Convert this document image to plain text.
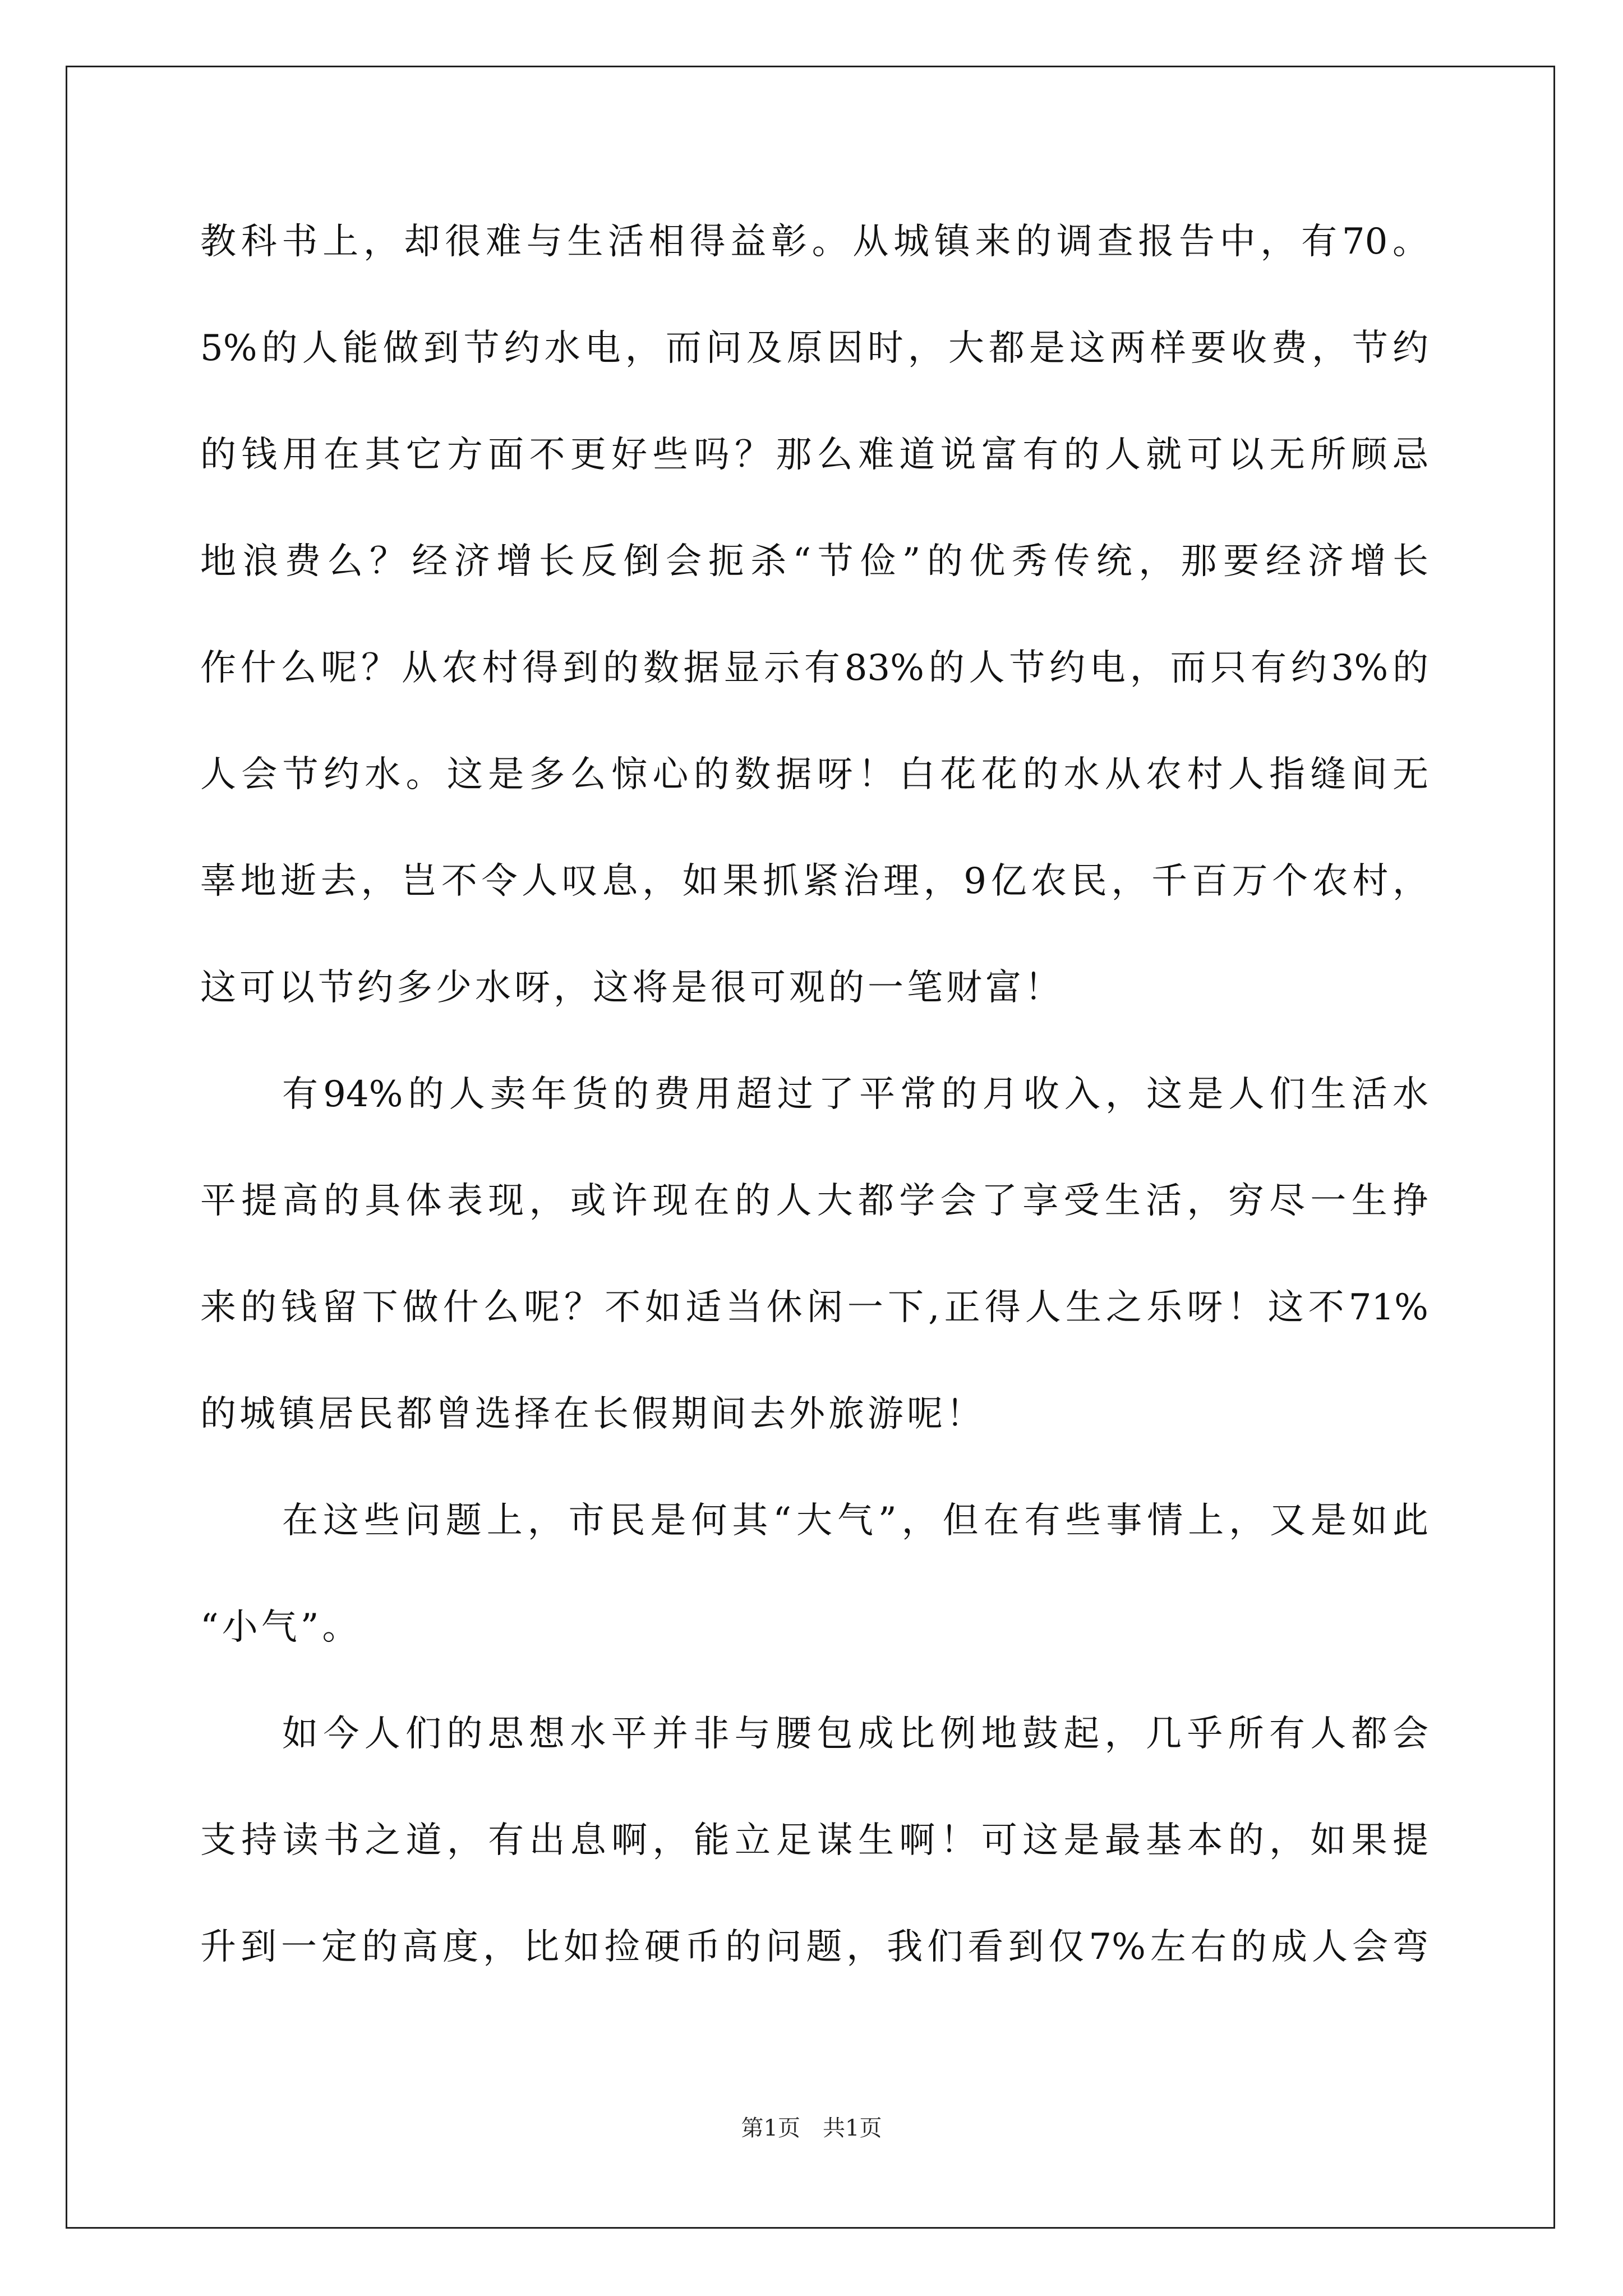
教科书上，却很难与生活相得益彰。从城镇来的调查报告中，有70。
5%的人能做到节约水电，而问及原因时，大都是这两样要收费，节约
的钱用在其它方面不更好些吗？那么难道说富有的人就可以无所顾忌
地浪费么？经济增长反倒会扼杀“节俭”的优秀传统，那要经济增长
作什么呢？从农村得到的数据显示有83%的人节约电，而只有约3%的
人会节约水。这是多么惊心的数据呀！白花花的水从农村人指缝间无
辜地逝去，岂不令人叹息，如果抓紧治理，9亿农民，千百万个农村，
这可以节约多少水呀，这将是很可观的一笔财富！
有94%的人卖年货的费用超过了平常的月收入，这是人们生活水
平提高的具体表现，或许现在的人大都学会了享受生活，穷尽一生挣
来的钱留下做什么呢？不如适当休闲一下,正得人生之乐呀！这不71%
的城镇居民都曾选择在长假期间去外旅游呢！
在这些问题上，市民是何其“大气”，但在有些事情上，又是如此
“小气”。
如今人们的思想水平并非与腰包成比例地鼓起，几乎所有人都会
支持读书之道，有出息啊，能立足谋生啊！可这是最基本的，如果提
升到一定的高度，比如捡硬币的问题，我们看到仅7%左右的成人会弯
第1页　共1页
